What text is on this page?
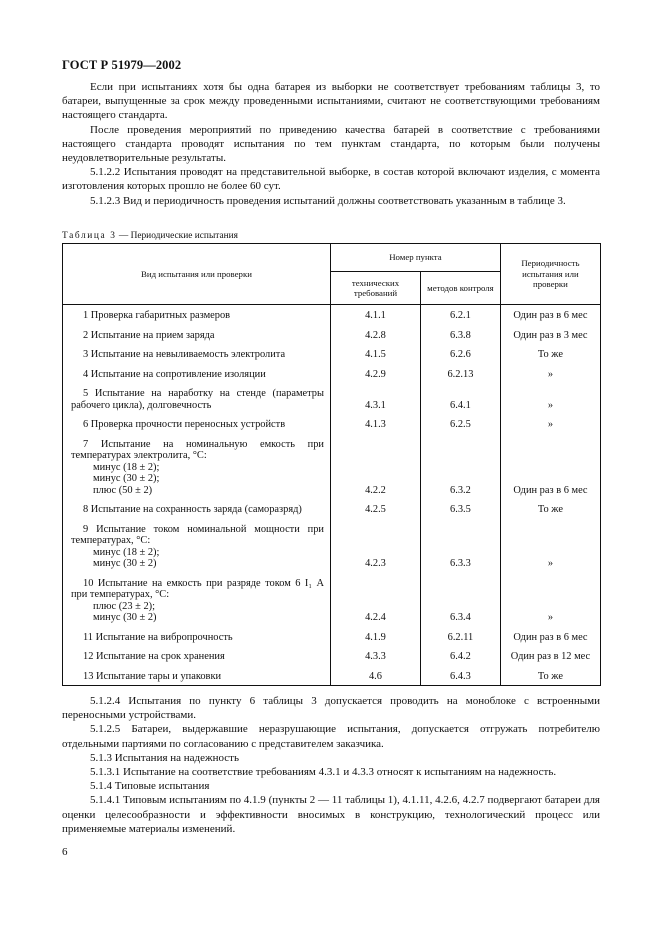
ГОСТ Р 51979—2002

Если при испытаниях хотя бы одна батарея из выборки не соответствует требованиям таблицы 3, то батареи, выпущенные за срок между проведенными испытаниями, считают не соответствующими требованиям настоящего стандарта.

После проведения мероприятий по приведению качества батарей в соответствие с требованиями настоящего стандарта проводят испытания по тем пунктам стандарта, по которым были получены неудовлетворительные результаты.

5.1.2.2 Испытания проводят на представительной выборке, в состав которой включают изделия, с момента изготовления которых прошло не более 60 сут.

5.1.2.3 Вид и периодичность проведения испытаний должны соответствовать указанным в таблице 3.

Таблица 3 — Периодические испытания
Вид испытания или проверки	Номер пункта		Периодичность испытания или проверки
	технических требований	методов контроля	

1 Проверка габаритных размеров	4.1.1	6.2.1	Один раз в 6 мес

2 Испытание на прием заряда	4.2.8	6.3.8	Один раз в 3 мес

3 Испытание на невыливаемость электролита	4.1.5	6.2.6	То же

4 Испытание на сопротивление изоляции	4.2.9	6.2.13	»

5 Испытание на наработку на стенде (параметры рабочего цикла), долговечность	4.3.1	6.4.1	»

6 Проверка прочности переносных устройств	4.1.3	6.2.5	»

7 Испытание на номинальную емкость при температурах электролита, °С:
минус (18 ± 2);
минус (30 ± 2);
плюс (50 ± 2)	4.2.2	6.3.2	Один раз в 6 мес

8 Испытание на сохранность заряда (саморазряд)	4.2.5	6.3.5	То же

9 Испытание током номинальной мощности при температурах, °С:
минус (18 ± 2);
минус (30 ± 2)	4.2.3	6.3.3	»

10 Испытание на емкость при разряде током 6 I₁ А при температурах, °С:
плюс (23 ± 2);
минус (30 ± 2)	4.2.4	6.3.4	»

11 Испытание на вибропрочность	4.1.9	6.2.11	Один раз в 6 мес

12 Испытание на срок хранения	4.3.3	6.4.2	Один раз в 12 мес

13 Испытание тары и упаковки	4.6	6.4.3	То же

5.1.2.4 Испытания по пункту 6 таблицы 3 допускается проводить на моноблоке с встроенными переносными устройствами.

5.1.2.5 Батареи, выдержавшие неразрушающие испытания, допускается отгружать потребителю отдельными партиями по согласованию с представителем заказчика.

5.1.3 Испытания на надежность

5.1.3.1 Испытание на соответствие требованиям 4.3.1 и 4.3.3 относят к испытаниям на надежность.

5.1.4 Типовые испытания

5.1.4.1 Типовым испытаниям по 4.1.9 (пункты 2 — 11 таблицы 1), 4.1.11, 4.2.6, 4.2.7 подвергают батареи для оценки целесообразности и эффективности вносимых в конструкцию, технологический процесс или применяемые материалы изменений.

6
